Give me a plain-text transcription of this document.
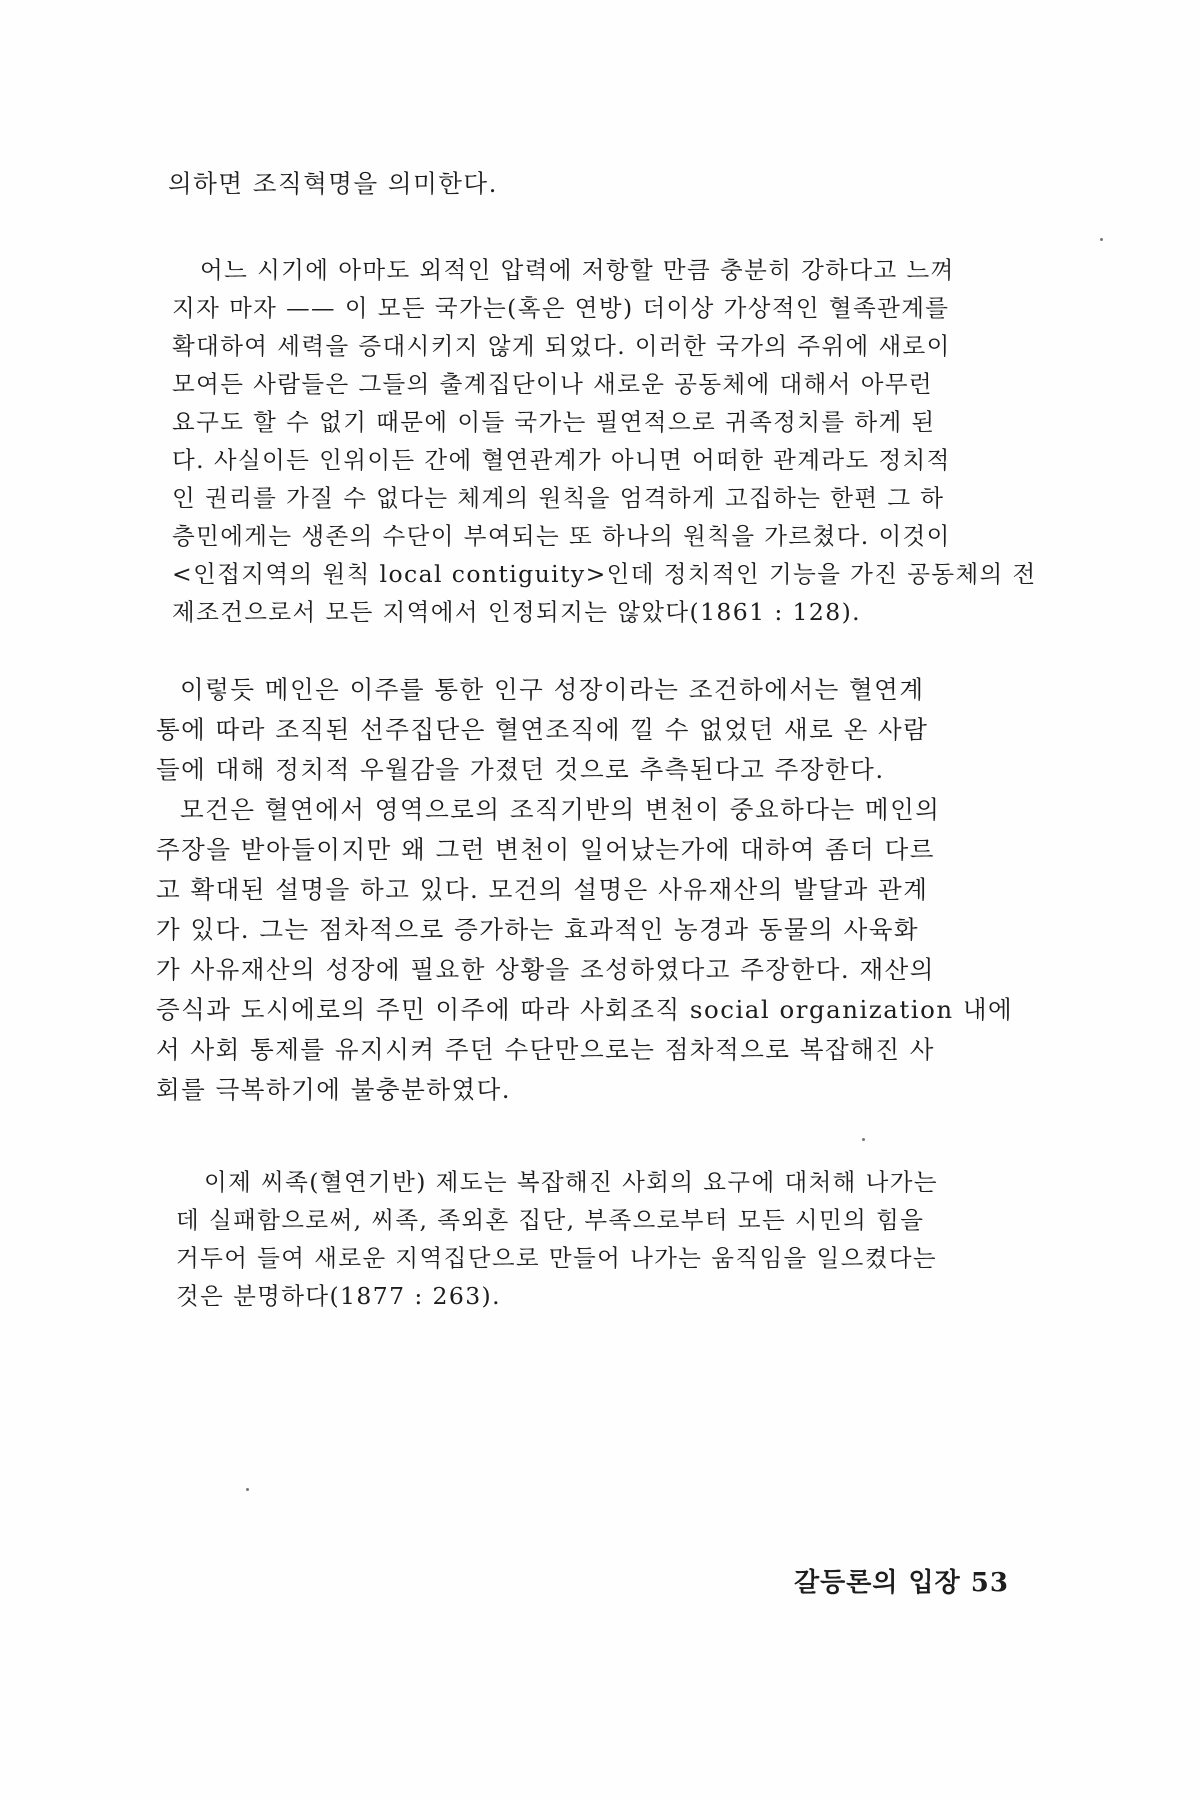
의하면 조직혁명을 의미한다.
어느 시기에 아마도 외적인 압력에 저항할 만큼 충분히 강하다고 느껴
지자 마자 —— 이 모든 국가는(혹은 연방) 더이상 가상적인 혈족관계를
확대하여 세력을 증대시키지 않게 되었다. 이러한 국가의 주위에 새로이
모여든 사람들은 그들의 출계집단이나 새로운 공동체에 대해서 아무런
요구도 할 수 없기 때문에 이들 국가는 필연적으로 귀족정치를 하게 된
다. 사실이든 인위이든 간에 혈연관계가 아니면 어떠한 관계라도 정치적
인 권리를 가질 수 없다는 체계의 원칙을 엄격하게 고집하는 한편 그 하
층민에게는 생존의 수단이 부여되는 또 하나의 원칙을 가르쳤다. 이것이
<인접지역의 원칙 local contiguity>인데 정치적인 기능을 가진 공동체의 전
제조건으로서 모든 지역에서 인정되지는 않았다(1861 : 128).
이렇듯 메인은 이주를 통한 인구 성장이라는 조건하에서는 혈연계
통에 따라 조직된 선주집단은 혈연조직에 낄 수 없었던 새로 온 사람
들에 대해 정치적 우월감을 가졌던 것으로 추측된다고 주장한다.
모건은 혈연에서 영역으로의 조직기반의 변천이 중요하다는 메인의
주장을 받아들이지만 왜 그런 변천이 일어났는가에 대하여 좀더 다르
고 확대된 설명을 하고 있다. 모건의 설명은 사유재산의 발달과 관계
가 있다. 그는 점차적으로 증가하는 효과적인 농경과 동물의 사육화
가 사유재산의 성장에 필요한 상황을 조성하였다고 주장한다. 재산의
증식과 도시에로의 주민 이주에 따라 사회조직 social organization 내에
서 사회 통제를 유지시켜 주던 수단만으로는 점차적으로 복잡해진 사
회를 극복하기에 불충분하였다.
이제 씨족(혈연기반) 제도는 복잡해진 사회의 요구에 대처해 나가는
데 실패함으로써, 씨족, 족외혼 집단, 부족으로부터 모든 시민의 힘을
거두어 들여 새로운 지역집단으로 만들어 나가는 움직임을 일으켰다는
것은 분명하다(1877 : 263).
갈등론의 입장 53
